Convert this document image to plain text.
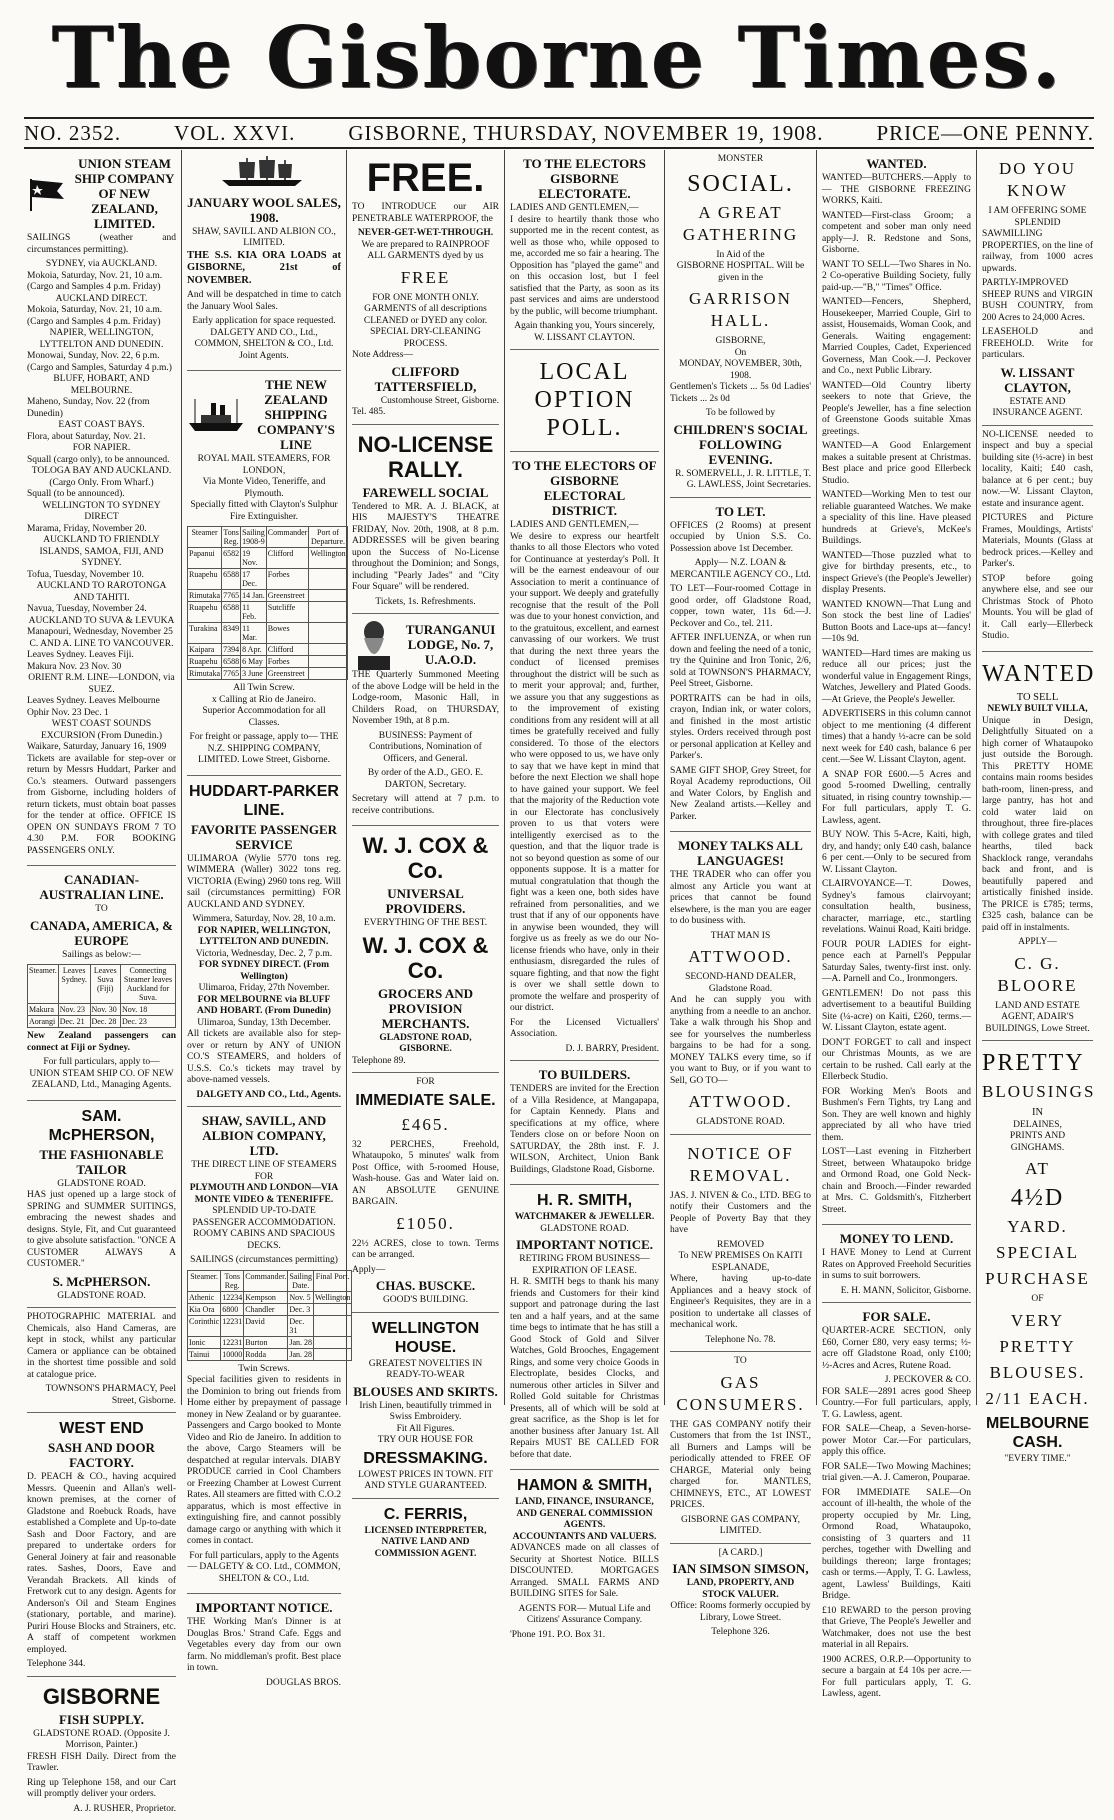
The Gisborne Times.
NO. 2352.	VOL. XXVI.	GISBORNE, THURSDAY, NOVEMBER 19, 1908.	PRICE—ONE PENNY.
UNION STEAM SHIP COMPANY OF NEW ZEALAND, LIMITED.

SAILINGS (weather and circumstances permitting).

SYDNEY, via AUCKLAND.
Mokoia, Saturday, Nov. 21, 10 a.m. (Cargo and Samples 4 p.m. Friday)
AUCKLAND DIRECT.
Mokoia, Saturday, Nov. 21, 10 a.m. (Cargo and Samples 4 p.m. Friday)
NAPIER, WELLINGTON, LYTTELTON AND DUNEDIN.
Monowai, Sunday, Nov. 22, 6 p.m. (Cargo and Samples, Saturday 4 p.m.)
BLUFF, HOBART, AND MELBOURNE.
Maheno, Sunday, Nov. 22 (from Dunedin)
EAST COAST BAYS.
Flora, about Saturday, Nov. 21.
FOR NAPIER.
Squall (cargo only), to be announced.
TOLOGA BAY AND AUCKLAND. (Cargo Only. From Wharf.)
Squall (to be announced).
WELLINGTON TO SYDNEY DIRECT
Marama, Friday, November 20.
AUCKLAND TO FRIENDLY ISLANDS, SAMOA, FIJI, AND SYDNEY.
Tofua, Tuesday, November 10.
AUCKLAND TO RAROTONGA AND TAHITI.
Navua, Tuesday, November 24.
AUCKLAND TO SUVA & LEVUKA
Manapouri, Wednesday, November 25
C. AND A. LINE TO VANCOUVER.
Leaves Sydney. Leaves Fiji.
Makura Nov. 23 Nov. 30
ORIENT R.M. LINE—LONDON, via SUEZ.
Leaves Sydney. Leaves Melbourne
Ophir Nov. 23 Dec. 1
WEST COAST SOUNDS EXCURSION (From Dunedin.)
Waikare, Saturday, January 16, 1909

Tickets are available for step-over or return by Messrs Huddart, Parker and Co.'s steamers. Outward passengers from Gisborne, including holders of return tickets, must obtain boat passes for the tender at office. OFFICE IS OPEN ON SUNDAYS FROM 7 TO 4.30 P.M. FOR BOOKING PASSENGERS ONLY.

CANADIAN-AUSTRALIAN LINE.
TO
CANADA, AMERICA, & EUROPE
Sailings as below:—
Steamer.	Leaves Sydney.	Leaves Suva (Fiji)	Connecting Steamer leaves Auckland for Suva.
Makura	Nov. 23	Nov. 30	Nov. 18
Aorangi	Dec. 21	Dec. 28	Dec. 23

New Zealand passengers can connect at Fiji or Sydney.

For full particulars, apply to— UNION STEAM SHIP CO. OF NEW ZEALAND, Ltd., Managing Agents.

SAM. McPHERSON,
THE FASHIONABLE TAILOR
GLADSTONE ROAD.

HAS just opened up a large stock of SPRING and SUMMER SUITINGS, embracing the newest shades and designs. Style, Fit, and Cut guaranteed to give absolute satisfaction. "ONCE A CUSTOMER ALWAYS A CUSTOMER."

S. McPHERSON.
GLADSTONE ROAD.

PHOTOGRAPHIC MATERIAL and Chemicals, also Hand Cameras, are kept in stock, whilst any particular Camera or appliance can be obtained in the shortest time possible and sold at catalogue price.

TOWNSON'S PHARMACY, Peel Street, Gisborne.
WEST END
SASH AND DOOR FACTORY.

D. PEACH & CO., having acquired Messrs. Queenin and Allan's well-known premises, at the corner of Gladstone and Roebuck Roads, have established a Complete and Up-to-date Sash and Door Factory, and are prepared to undertake orders for General Joinery at fair and reasonable rates. Sashes, Doors, Eave and Verandah Brackets. All kinds of Fretwork cut to any design. Agents for Anderson's Oil and Steam Engines (stationary, portable, and marine). Puriri House Blocks and Strainers, etc. A staff of competent workmen employed.

Telephone 344.
GISBORNE
FISH SUPPLY.
GLADSTONE ROAD. (Opposite J. Morrison, Painter.)

FRESH FISH Daily. Direct from the Trawler.

Ring up Telephone 158, and our Cart will promptly deliver your orders.

A. J. RUSHER, Proprietor.
JANUARY WOOL SALES, 1908.
SHAW, SAVILL AND ALBION CO., LIMITED.

THE S.S. KIA ORA LOADS at GISBORNE, 21st of NOVEMBER.

And will be despatched in time to catch the January Wool Sales.

Early application for space requested. DALGETY AND CO., Ltd., COMMON, SHELTON & CO., Ltd. Joint Agents.

THE NEW ZEALAND SHIPPING COMPANY'S LINE
ROYAL MAIL STEAMERS, FOR LONDON,
Via Monte Video, Teneriffe, and Plymouth.
Specially fitted with Clayton's Sulphur Fire Extinguisher.
Steamer	Tons Reg.	Sailing 1908-9	Commander	Port of Departure.
Papanui	6582	19 Nov.	Clifford	Wellington
Ruapehu	6588	17 Dec.	Forbes	
Rimutaka	7765	14 Jan.	Greenstreet	
Ruapehu	6588	11 Feb.	Sutcliffe	
Turakina	8349	11 Mar.	Bowes	
Kaipara	7394	8 Apr.	Clifford	
Ruapehu	6588	6 May	Forbes	
Rimutaka	7765	3 June	Greenstreet	
All Twin Screw.
x Calling at Rio de Janeiro.

Superior Accommodation for all Classes.

For freight or passage, apply to— THE N.Z. SHIPPING COMPANY, LIMITED. Lowe Street, Gisborne.

HUDDART-PARKER LINE.
FAVORITE PASSENGER SERVICE

ULIMAROA (Wylie 5770 tons reg. WIMMERA (Waller) 3022 tons reg. VICTORIA (Ewing) 2960 tons reg. Will sail (circumstances permitting) FOR AUCKLAND AND SYDNEY.

Wimmera, Saturday, Nov. 28, 10 a.m.
FOR NAPIER, WELLINGTON, LYTTELTON AND DUNEDIN.
Victoria, Wednesday, Dec. 2, 7 p.m.
FOR SYDNEY DIRECT. (From Wellington)
Ulimaroa, Friday, 27th November.
FOR MELBOURNE via BLUFF AND HOBART. (From Dunedin)
Ulimaroa, Sunday, 13th December.

All tickets are available also for step-over or return by ANY of UNION CO.'S STEAMERS, and holders of U.S.S. Co.'s tickets may travel by above-named vessels.

DALGETY AND CO., Ltd., Agents.
SHAW, SAVILL, AND ALBION COMPANY, LTD.
THE DIRECT LINE OF STEAMERS FOR
PLYMOUTH AND LONDON—VIA MONTE VIDEO & TENERIFFE.

SPLENDID UP-TO-DATE PASSENGER ACCOMMODATION. ROOMY CABINS AND SPACIOUS DECKS.

SAILINGS (circumstances permitting)
Steamer.	Tons Reg.	Commander.	Sailing Date.	Final Port.
Athenic	12234	Kempson	Nov. 5	Wellington
Kia Ora	6800	Chandler	Dec. 3	
Corinthic	12231	David	Dec. 31	
Ionic	12231	Burton	Jan. 28	
Tainui	10000	Rodda	Jan. 28	
Twin Screws.

Special facilities given to residents in the Dominion to bring out friends from Home either by prepayment of passage money in New Zealand or by guarantee. Passengers and Cargo booked to Monte Video and Rio de Janeiro. In addition to the above, Cargo Steamers will be despatched at regular intervals. DIABY PRODUCE carried in Cool Chambers or Freezing Chamber at Lowest Current Rates. All steamers are fitted with C.O.2 apparatus, which is most effective in extinguishing fire, and cannot possibly damage cargo or anything with which it comes in contact.

For full particulars, apply to the Agents— DALGETY & CO. Ltd., COMMON, SHELTON & CO., Ltd.

IMPORTANT NOTICE.

THE Working Man's Dinner is at Douglas Bros.' Strand Cafe. Eggs and Vegetables every day from our own farm. No middleman's profit. Best place in town.

DOUGLAS BROS.
FREE.

TO INTRODUCE our AIR PENETRABLE WATERPROOF, the

NEVER-GET-WET-THROUGH.
We are prepared to RAINPROOF
ALL GARMENTS dyed by us
FREE
FOR ONE MONTH ONLY.
GARMENTS of all descriptions CLEANED or DYED any color.
SPECIAL DRY-CLEANING PROCESS.
Note Address—
CLIFFORD TATTERSFIELD,
Customhouse Street, Gisborne.
Tel. 485.
NO-LICENSE RALLY.
FAREWELL SOCIAL

Tendered to MR. A. J. BLACK, at HIS MAJESTY'S THEATRE FRIDAY, Nov. 20th, 1908, at 8 p.m. ADDRESSES will be given bearing upon the Success of No-License throughout the Dominion; and Songs, including "Pearly Jades" and "City Four Square" will be rendered.

Tickets, 1s. Refreshments.
TURANGANUI LODGE, No. 7, U.A.O.D.

THE Quarterly Summoned Meeting of the above Lodge will be held in the Lodge-room, Masonic Hall, in Childers Road, on THURSDAY, November 19th, at 8 p.m.

BUSINESS: Payment of Contributions, Nomination of Officers, and General.

By order of the A.D., GEO. E. DARTON, Secretary.

Secretary will attend at 7 p.m. to receive contributions.

W. J. COX & Co.
UNIVERSAL PROVIDERS.
EVERYTHING OF THE BEST.
W. J. COX & Co.
GROCERS AND PROVISION MERCHANTS.
GLADSTONE ROAD, GISBORNE.
Telephone 89.
FOR
IMMEDIATE SALE.
£465.

32 PERCHES, Freehold, Whataupoko, 5 minutes' walk from Post Office, with 5-roomed House, Wash-house. Gas and Water laid on. AN ABSOLUTE GENUINE BARGAIN.

£1050.

22½ ACRES, close to town. Terms can be arranged.

Apply—
CHAS. BUSCKE.
GOOD'S BUILDING.
WELLINGTON HOUSE.
GREATEST NOVELTIES IN READY-TO-WEAR
BLOUSES AND SKIRTS.
Irish Linen, beautifully trimmed in Swiss Embroidery.
Fit All Figures.
TRY OUR HOUSE FOR
DRESSMAKING.
LOWEST PRICES IN TOWN. FIT AND STYLE GUARANTEED.
C. FERRIS,
LICENSED INTERPRETER, NATIVE LAND AND COMMISSION AGENT.
TO THE ELECTORS GISBORNE ELECTORATE.
LADIES AND GENTLEMEN,—

I desire to heartily thank those who supported me in the recent contest, as well as those who, while opposed to me, accorded me so fair a hearing. The Opposition has "played the game" and on this occasion lost, but I feel satisfied that the Party, as soon as its past services and aims are understood by the public, will become triumphant.

Again thanking you, Yours sincerely,
W. LISSANT CLAYTON.
LOCAL OPTION POLL.
TO THE ELECTORS OF GISBORNE ELECTORAL DISTRICT.
LADIES AND GENTLEMEN,—

We desire to express our heartfelt thanks to all those Electors who voted for Continuance at yesterday's Poll. It will be the earnest endeavour of our Association to merit a continuance of your support. We deeply and gratefully recognise that the result of the Poll was due to your honest conviction, and to the gratuitous, excellent, and earnest canvassing of our workers. We trust that during the next three years the conduct of licensed premises throughout the district will be such as to merit your approval; and, further, we assure you that any suggestions as to the improvement of existing conditions from any resident will at all times be gratefully received and fully considered. To those of the electors who were opposed to us, we have only to say that we have kept in mind that before the next Election we shall hope to have gained your support. We feel that the majority of the Reduction vote in our Electorate has conclusively proven to us that voters were intelligently exercised as to the question, and that the liquor trade is not so beyond question as some of our opponents suppose. It is a matter for mutual congratulation that though the fight was a keen one, both sides have refrained from personalities, and we trust that if any of our opponents have in anywise been wounded, they will forgive us as freely as we do our No-license friends who have, only in their enthusiasm, disregarded the rules of square fighting, and that now the fight is over we shall settle down to promote the welfare and prosperity of our district.

For the Licensed Victuallers' Association.

D. J. BARRY, President.
TO BUILDERS.

TENDERS are invited for the Erection of a Villa Residence, at Mangapapa, for Captain Kennedy. Plans and specifications at my office, where Tenders close on or before Noon on SATURDAY, the 28th inst. F. J. WILSON, Architect, Union Bank Buildings, Gladstone Road, Gisborne.

H. R. SMITH,
WATCHMAKER & JEWELLER.
GLADSTONE ROAD.
IMPORTANT NOTICE.
RETIRING FROM BUSINESS—EXPIRATION OF LEASE.

H. R. SMITH begs to thank his many friends and Customers for their kind support and patronage during the last ten and a half years, and at the same time begs to intimate that he has still a Good Stock of Gold and Silver Watches, Gold Brooches, Engagement Rings, and some very choice Goods in Electroplate, besides Clocks, and numerous other articles in Silver and Rolled Gold suitable for Christmas Presents, all of which will be sold at great sacrifice, as the Shop is let for another business after January 1st. All Repairs MUST BE CALLED FOR before that date.

HAMON & SMITH,
LAND, FINANCE, INSURANCE, AND GENERAL COMMISSION AGENTS.
ACCOUNTANTS AND VALUERS.

ADVANCES made on all classes of Security at Shortest Notice. BILLS DISCOUNTED. MORTGAGES Arranged. SMALL FARMS AND BUILDING SITES for Sale.

AGENTS FOR— Mutual Life and Citizens' Assurance Company.

'Phone 191. P.O. Box 31.
MONSTER
SOCIAL.
A GREAT GATHERING
In Aid of the
GISBORNE HOSPITAL. Will be given in the
GARRISON HALL.
GISBORNE,
On
MONDAY, NOVEMBER, 30th, 1908.

Gentlemen's Tickets ... 5s 0d Ladies' Tickets ... 2s 0d

To be followed by
CHILDREN'S SOCIAL FOLLOWING EVENING.
R. SOMERVELL, J. R. LITTLE, T. G. LAWLESS, Joint Secretaries.
TO LET.

OFFICES (2 Rooms) at present occupied by Union S.S. Co. Possession above 1st December.

Apply— N.Z. LOAN & MERCANTILE AGENCY CO., Ltd.

TO LET—Four-roomed Cottage in good order, off Gladstone Road, copper, town water, 11s 6d.—J. Peckover and Co., tel. 211.

AFTER INFLUENZA, or when run down and feeling the need of a tonic, try the Quinine and Iron Tonic, 2/6, sold at TOWNSON'S PHARMACY, Peel Street, Gisborne.

PORTRAITS can be had in oils, crayon, Indian ink, or water colors, and finished in the most artistic styles. Orders received through post or personal application at Kelley and Parker's.

SAME GIFT SHOP, Grey Street, for Royal Academy reproductions, Oil and Water Colors, by English and New Zealand artists.—Kelley and Parker.

MONEY TALKS ALL LANGUAGES!

THE TRADER who can offer you almost any Article you want at prices that cannot be found elsewhere, is the man you are eager to do business with.

THAT MAN IS
ATTWOOD.
SECOND-HAND DEALER, Gladstone Road.

And he can supply you with anything from a needle to an anchor. Take a walk through his Shop and see for yourselves the numberless bargains to be had for a song. MONEY TALKS every time, so if you want to Buy, or if you want to Sell, GO TO—

ATTWOOD.
GLADSTONE ROAD.
NOTICE OF REMOVAL.

JAS. J. NIVEN & Co., LTD. BEG to notify their Customers and the People of Poverty Bay that they have

REMOVED
To NEW PREMISES On KAITI ESPLANADE,

Where, having up-to-date Appliances and a heavy stock of Engineer's Requisites, they are in a position to undertake all classes of mechanical work.

Telephone No. 78.
TO
GAS CONSUMERS.

THE GAS COMPANY notify their Customers that from the 1st INST., all Burners and Lamps will be periodically attended to FREE OF CHARGE, Material only being charged for. MANTLES, CHIMNEYS, ETC., AT LOWEST PRICES.

GISBORNE GAS COMPANY, LIMITED.
[A CARD.]
IAN SIMSON SIMSON,
LAND, PROPERTY, AND STOCK VALUER.

Office: Rooms formerly occupied by Library, Lowe Street.

Telephone 326.
WANTED.

WANTED—BUTCHERS.—Apply to— THE GISBORNE FREEZING WORKS, Kaiti.

WANTED—First-class Groom; a competent and sober man only need apply—J. R. Redstone and Sons, Gisborne.

WANT TO SELL—Two Shares in No. 2 Co-operative Building Society, fully paid-up.—"B," "Times" Office.

WANTED—Fencers, Shepherd, Housekeeper, Married Couple, Girl to assist, Housemaids, Woman Cook, and Generals. Waiting engagement: Married Couples, Cadet, Experienced Governess, Man Cook.—J. Peckover and Co., next Public Library.

WANTED—Old Country liberty seekers to note that Grieve, the People's Jeweller, has a fine selection of Greenstone Goods suitable Xmas greetings.

WANTED—A Good Enlargement makes a suitable present at Christmas. Best place and price good Ellerbeck Studio.

WANTED—Working Men to test our reliable guaranteed Watches. We make a speciality of this line. Have pleased hundreds at Grieve's, McKee's Buildings.

WANTED—Those puzzled what to give for birthday presents, etc., to inspect Grieve's (the People's Jeweller) display Presents.

WANTED KNOWN—That Lung and Son stock the best line of Ladies' Button Boots and Lace-ups at—fancy!—10s 9d.

WANTED—Hard times are making us reduce all our prices; just the wonderful value in Engagement Rings, Watches, Jewellery and Plated Goods.—At Grieve, the People's Jeweller.

ADVERTISERS in this column cannot object to me mentioning (4 different times) that a handy ½-acre can be sold next week for £40 cash, balance 6 per cent.—See W. Lissant Clayton, agent.

A SNAP FOR £600.—5 Acres and good 5-roomed Dwelling, centrally situated, in rising country township.—For full particulars, apply T. G. Lawless, agent.

BUY NOW. This 5-Acre, Kaiti, high, dry, and handy; only £40 cash, balance 6 per cent.—Only to be secured from W. Lissant Clayton.

CLAIRVOYANCE—T. Dowes, Sydney's famous clairvoyant; consultation health, business, character, marriage, etc., startling revelations. Wainui Road, Kaiti bridge.

FOUR POUR LADIES for eight-pence each at Parnell's Peppular Saturday Sales, twenty-first inst. only.—A. Parnell and Co., Ironmongers.

GENTLEMEN! Do not pass this advertisement to a beautiful Building Site (¼-acre) on Kaiti, £260, terms.—W. Lissant Clayton, estate agent.

DON'T FORGET to call and inspect our Christmas Mounts, as we are certain to be rushed. Call early at the Ellerbeck Studio.

FOR Working Men's Boots and Bushmen's Fern Tights, try Lang and Son. They are well known and highly appreciated by all who have tried them.

LOST—Last evening in Fitzherbert Street, between Whataupoko bridge and Ormond Road, one Gold Neck-chain and Brooch.—Finder rewarded at Mrs. C. Goldsmith's, Fitzherbert Street.

MONEY TO LEND.

I HAVE Money to Lend at Current Rates on Approved Freehold Securities in sums to suit borrowers.

E. H. MANN, Solicitor, Gisborne.
FOR SALE.

QUARTER-ACRE SECTION, only £60, Corner £80, very easy terms; ½-acre off Gladstone Road, only £100; ½-Acres and Acres, Rutene Road.

J. PECKOVER & CO.

FOR SALE—2891 acres good Sheep Country.—For full particulars, apply, T. G. Lawless, agent.

FOR SALE—Cheap, a Seven-horse-power Motor Car.—For particulars, apply this office.

FOR SALE—Two Mowing Machines; trial given.—A. J. Cameron, Pouparae.

FOR IMMEDIATE SALE—On account of ill-health, the whole of the property occupied by Mr. Ling, Ormond Road, Whataupoko, consisting of 3 quarters and 11 perches, together with Dwelling and buildings thereon; large frontages; cash or terms.—Apply, T. G. Lawless, agent, Lawless' Buildings, Kaiti Bridge.

£10 REWARD to the person proving that Grieve, The People's Jeweller and Watchmaker, does not use the best material in all Repairs.

1900 ACRES, O.R.P.—Opportunity to secure a bargain at £4 10s per acre.—For full particulars apply, T. G. Lawless, agent.

DO YOU KNOW
I AM OFFERING SOME SPLENDID

SAWMILLING PROPERTIES, on the line of railway, from 1000 acres upwards.

PARTLY-IMPROVED SHEEP RUNS and VIRGIN BUSH COUNTRY, from 200 Acres to 24,000 Acres.

LEASEHOLD and FREEHOLD. Write for particulars.

W. LISSANT CLAYTON,
ESTATE AND INSURANCE AGENT.

NO-LICENSE needed to inspect and buy a special building site (½-acre) in best locality, Kaiti; £40 cash, balance at 6 per cent.; buy now.—W. Lissant Clayton, estate and insurance agent.

PICTURES and Picture Frames, Mouldings, Artists' Materials, Mounts (Glass at bedrock prices.—Kelley and Parker's.

STOP before going anywhere else, and see our Christmas Stock of Photo Mounts. You will be glad of it. Call early—Ellerbeck Studio.

WANTED
TO SELL
NEWLY BUILT VILLA,

Unique in Design, Delightfully Situated on a high corner of Whataupoko just outside the Borough. This PRETTY HOME contains main rooms besides bath-room, linen-press, and large pantry, has hot and cold water laid on throughout, three fire-places with college grates and tiled hearths, tiled back Shacklock range, verandahs back and front, and is beautifully papered and artistically finished inside. The PRICE is £785; terms, £325 cash, balance can be paid off in instalments.

APPLY—
C. G. BLOORE
LAND AND ESTATE AGENT, ADAIR'S BUILDINGS, Lowe Street.
PRETTY
BLOUSINGS
IN
DELAINES,
PRINTS AND
GINGHAMS.
AT
4½D
YARD.
SPECIAL
PURCHASE
OF
VERY
PRETTY
BLOUSES.
2/11 EACH.
MELBOURNE CASH.
"EVERY TIME."
